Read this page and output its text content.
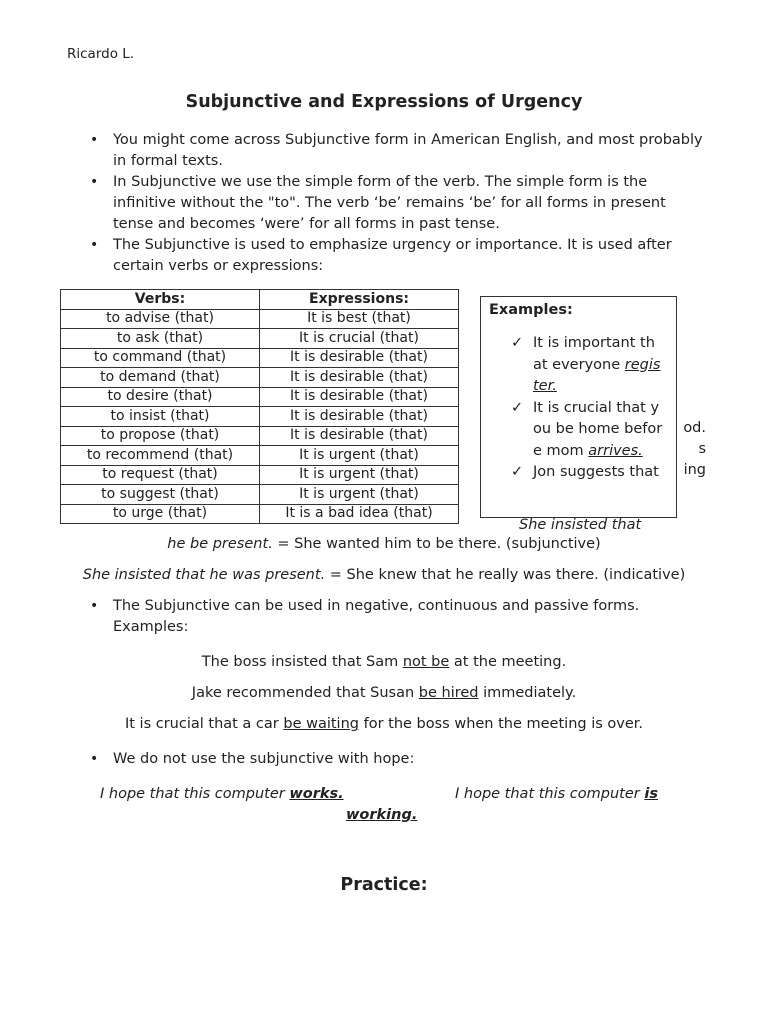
Ricardo L.
Subjunctive and Expressions of Urgency
• You might come across Subjunctive form in American English, and most probably in formal texts.
• In Subjunctive we use the simple form of the verb. The simple form is the infinitive without the "to". The verb ‘be’ remains ‘be’ for all forms in present tense and becomes ‘were’ for all forms in past tense.
• The Subjunctive is used to emphasize urgency or importance. It is used after certain verbs or expressions:
Verbs:	Expressions:
to advise (that)	It is best (that)
to ask (that)	It is crucial (that)
to command (that)	It is desirable (that)
to demand (that)	It is desirable (that)
to desire (that)	It is desirable (that)
to insist (that)	It is desirable (that)
to propose (that)	It is desirable (that)
to recommend (that)	It is urgent (that)
to request (that)	It is urgent (that)
to suggest (that)	It is urgent (that)
to urge (that)	It is a bad idea (that)
od.
s
ing
Examples:
✓ It is important that everyone register.
✓ It is crucial that you be home before mom arrives.
✓ Jon suggests that
She insisted that
he be present. = She wanted him to be there. (subjunctive)
She insisted that he was present. = She knew that he really was there. (indicative)
• The Subjunctive can be used in negative, continuous and passive forms. Examples:
The boss insisted that Sam not be at the meeting.
Jake recommended that Susan be hired immediately.
It is crucial that a car be waiting for the boss when the meeting is over.
• We do not use the subjunctive with hope:
I hope that this computer works.	I hope that this computer is
working.
Practice:
